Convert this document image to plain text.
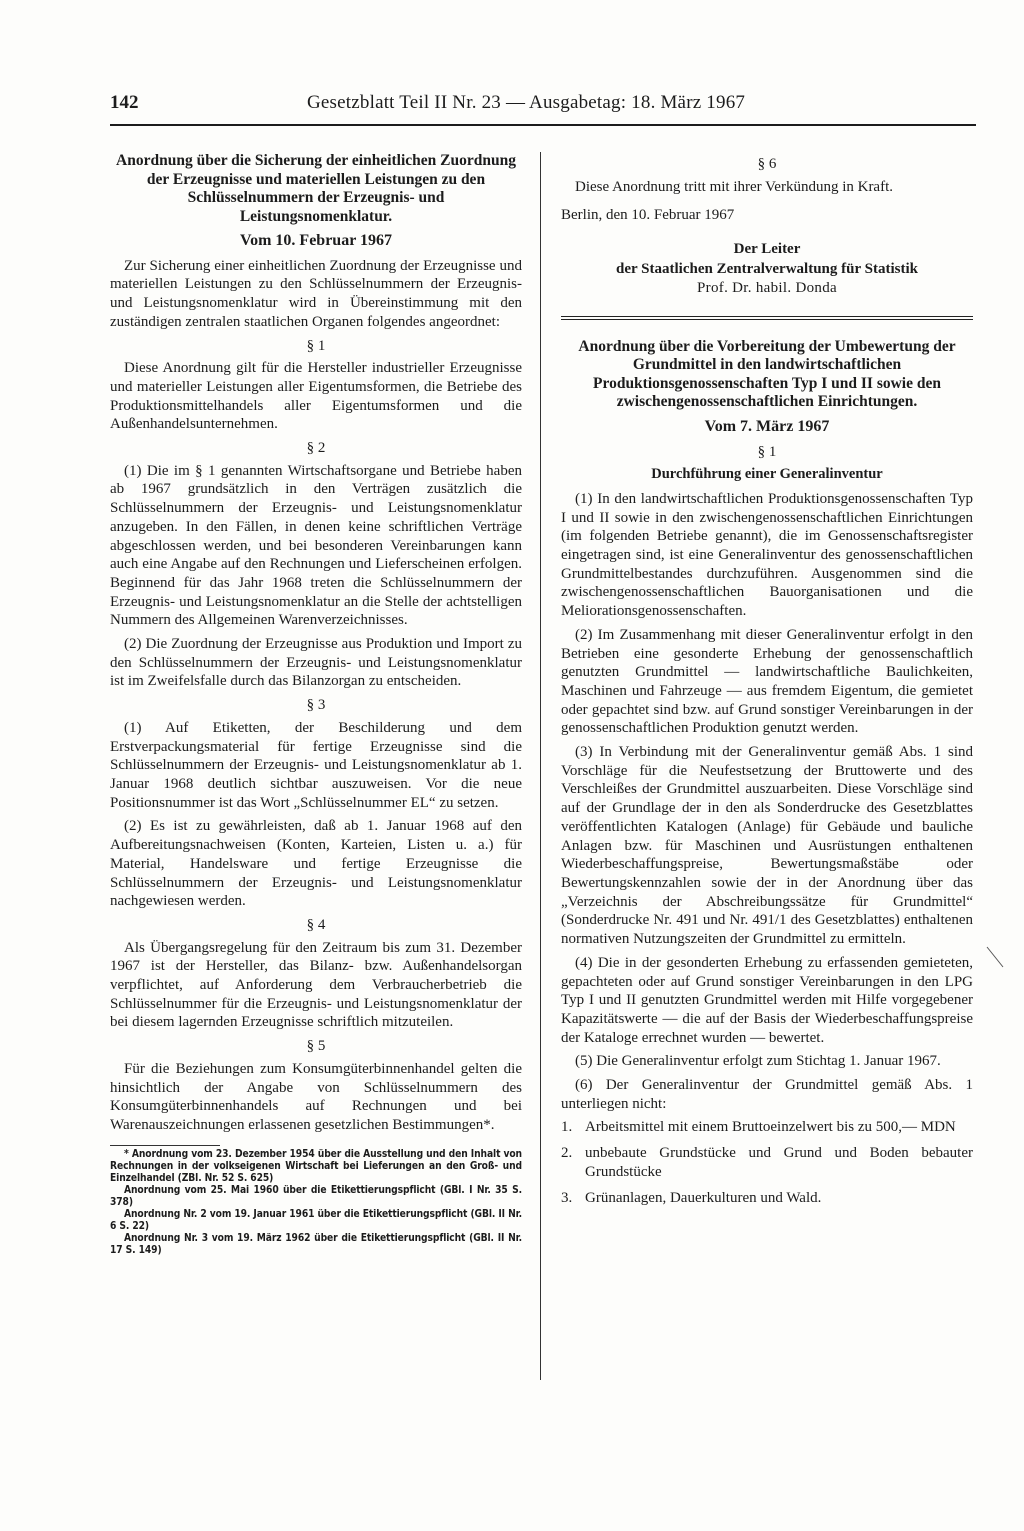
142	Gesetzblatt Teil II Nr. 23 — Ausgabetag: 18. März 1967
Anordnung über die Sicherung der einheitlichen Zuordnung der Erzeugnisse und materiellen Leistungen zu den Schlüsselnummern der Erzeugnis- und Leistungsnomenklatur.
Vom 10. Februar 1967

Zur Sicherung einer einheitlichen Zuordnung der Erzeugnisse und materiellen Leistungen zu den Schlüsselnummern der Erzeugnis- und Leistungsnomenklatur wird in Übereinstimmung mit den zuständigen zentralen staatlichen Organen folgendes angeordnet:

§ 1

Diese Anordnung gilt für die Hersteller industrieller Erzeugnisse und materieller Leistungen aller Eigentumsformen, die Betriebe des Produktionsmittelhandels aller Eigentumsformen und die Außenhandelsunternehmen.

§ 2

(1) Die im § 1 genannten Wirtschaftsorgane und Betriebe haben ab 1967 grundsätzlich in den Verträgen zusätzlich die Schlüsselnummern der Erzeugnis- und Leistungsnomenklatur anzugeben. In den Fällen, in denen keine schriftlichen Verträge abgeschlossen werden, und bei besonderen Vereinbarungen kann auch eine Angabe auf den Rechnungen und Lieferscheinen erfolgen. Beginnend für das Jahr 1968 treten die Schlüsselnummern der Erzeugnis- und Leistungsnomenklatur an die Stelle der achtstelligen Nummern des Allgemeinen Warenverzeichnisses.

(2) Die Zuordnung der Erzeugnisse aus Produktion und Import zu den Schlüsselnummern der Erzeugnis- und Leistungsnomenklatur ist im Zweifelsfalle durch das Bilanzorgan zu entscheiden.

§ 3

(1) Auf Etiketten, der Beschilderung und dem Erstverpackungsmaterial für fertige Erzeugnisse sind die Schlüsselnummern der Erzeugnis- und Leistungsnomenklatur ab 1. Januar 1968 deutlich sichtbar auszuweisen. Vor die neue Positionsnummer ist das Wort „Schlüsselnummer EL“ zu setzen.

(2) Es ist zu gewährleisten, daß ab 1. Januar 1968 auf den Aufbereitungsnachweisen (Konten, Karteien, Listen u. a.) für Material, Handelsware und fertige Erzeugnisse die Schlüsselnummern der Erzeugnis- und Leistungsnomenklatur nachgewiesen werden.

§ 4

Als Übergangsregelung für den Zeitraum bis zum 31. Dezember 1967 ist der Hersteller, das Bilanz- bzw. Außenhandelsorgan verpflichtet, auf Anforderung dem Verbraucherbetrieb die Schlüsselnummer für die Erzeugnis- und Leistungsnomenklatur der bei diesem lagernden Erzeugnisse schriftlich mitzuteilen.

§ 5

Für die Beziehungen zum Konsumgüterbinnenhandel gelten die hinsichtlich der Angabe von Schlüsselnummern des Konsumgüterbinnenhandels auf Rechnungen und bei Warenauszeichnungen erlassenen gesetzlichen Bestimmungen*.

* Anordnung vom 23. Dezember 1954 über die Ausstellung und den Inhalt von Rechnungen in der volkseigenen Wirtschaft bei Lieferungen an den Groß- und Einzelhandel (ZBl. Nr. 52 S. 625)

Anordnung vom 25. Mai 1960 über die Etikettierungspflicht (GBl. I Nr. 35 S. 378)

Anordnung Nr. 2 vom 19. Januar 1961 über die Etikettierungspflicht (GBl. II Nr. 6 S. 22)

Anordnung Nr. 3 vom 19. März 1962 über die Etikettierungspflicht (GBl. II Nr. 17 S. 149)

§ 6

Diese Anordnung tritt mit ihrer Verkündung in Kraft.

Berlin, den 10. Februar 1967

Der Leiter
der Staatlichen Zentralverwaltung für Statistik
Prof. Dr. habil. Donda
Anordnung über die Vorbereitung der Umbewertung der Grundmittel in den landwirtschaftlichen Produktionsgenossenschaften Typ I und II sowie den zwischengenossenschaftlichen Einrichtungen.
Vom 7. März 1967
§ 1
Durchführung einer Generalinventur

(1) In den landwirtschaftlichen Produktionsgenossenschaften Typ I und II sowie in den zwischengenossenschaftlichen Einrichtungen (im folgenden Betriebe genannt), die im Genossenschaftsregister eingetragen sind, ist eine Generalinventur des genossenschaftlichen Grundmittelbestandes durchzuführen. Ausgenommen sind die zwischengenossenschaftlichen Bauorganisationen und die Meliorationsgenossenschaften.

(2) Im Zusammenhang mit dieser Generalinventur erfolgt in den Betrieben eine gesonderte Erhebung der genossenschaftlich genutzten Grundmittel — landwirtschaftliche Baulichkeiten, Maschinen und Fahrzeuge — aus fremdem Eigentum, die gemietet oder gepachtet sind bzw. auf Grund sonstiger Vereinbarungen in der genossenschaftlichen Produktion genutzt werden.

(3) In Verbindung mit der Generalinventur gemäß Abs. 1 sind Vorschläge für die Neufestsetzung der Bruttowerte und des Verschleißes der Grundmittel auszuarbeiten. Diese Vorschläge sind auf der Grundlage der in den als Sonderdrucke des Gesetzblattes veröffentlichten Katalogen (Anlage) für Gebäude und bauliche Anlagen bzw. für Maschinen und Ausrüstungen enthaltenen Wiederbeschaffungspreise, Bewertungsmaßstäbe oder Bewertungskennzahlen sowie der in der Anordnung über das „Verzeichnis der Abschreibungssätze für Grundmittel“ (Sonderdrucke Nr. 491 und Nr. 491/1 des Gesetzblattes) enthaltenen normativen Nutzungszeiten der Grundmittel zu ermitteln.

(4) Die in der gesonderten Erhebung zu erfassenden gemieteten, gepachteten oder auf Grund sonstiger Vereinbarungen in den LPG Typ I und II genutzten Grundmittel werden mit Hilfe vorgegebener Kapazitätswerte — die auf der Basis der Wiederbeschaffungspreise der Kataloge errechnet wurden — bewertet.

(5) Die Generalinventur erfolgt zum Stichtag 1. Januar 1967.

(6) Der Generalinventur der Grundmittel gemäß Abs. 1 unterliegen nicht:

1. Arbeitsmittel mit einem Bruttoeinzelwert bis zu 500,— MDN
2. unbebaute Grundstücke und Grund und Boden bebauter Grundstücke
3. Grünanlagen, Dauerkulturen und Wald.
